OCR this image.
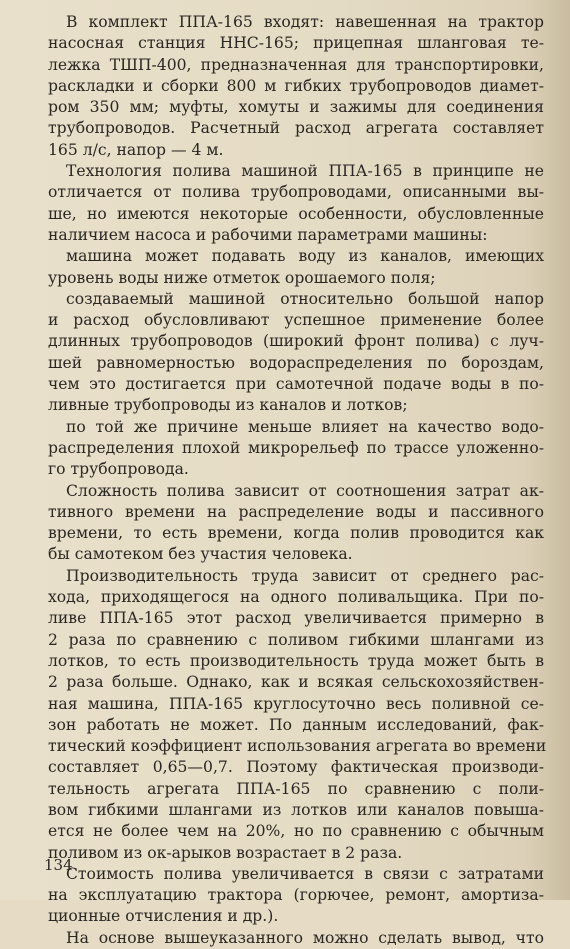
В комплект ППА-165 входят: навешенная на трактор
насосная станция ННС-165; прицепная шланговая те-
лежка ТШП-400, предназначенная для транспортировки,
раскладки и сборки 800 м гибких трубопроводов диамет-
ром 350 мм; муфты, хомуты и зажимы для соединения
трубопроводов. Расчетный расход агрегата составляет
165 л/с, напор — 4 м.
Технология полива машиной ППА-165 в принципе не
отличается от полива трубопроводами, описанными вы-
ше, но имеются некоторые особенности, обусловленные
наличием насоса и рабочими параметрами машины:
машина может подавать воду из каналов, имеющих
уровень воды ниже отметок орошаемого поля;
создаваемый машиной относительно большой напор
и расход обусловливают успешное применение более
длинных трубопроводов (широкий фронт полива) с луч-
шей равномерностью водораспределения по бороздам,
чем это достигается при самотечной подаче воды в по-
ливные трубопроводы из каналов и лотков;
по той же причине меньше влияет на качество водо-
распределения плохой микрорельеф по трассе уложенно-
го трубопровода.
Сложность полива зависит от соотношения затрат ак-
тивного времени на распределение воды и пассивного
времени, то есть времени, когда полив проводится как
бы самотеком без участия человека.
Производительность труда зависит от среднего рас-
хода, приходящегося на одного поливальщика. При по-
ливе ППА-165 этот расход увеличивается примерно в
2 раза по сравнению с поливом гибкими шлангами из
лотков, то есть производительность труда может быть в
2 раза больше. Однако, как и всякая сельскохозяйствен-
ная машина, ППА-165 круглосуточно весь поливной се-
зон работать не может. По данным исследований, фак-
тический коэффициент использования агрегата во времени
составляет 0,65—0,7. Поэтому фактическая производи-
тельность агрегата ППА-165 по сравнению с поли-
вом гибкими шлангами из лотков или каналов повыша-
ется не более чем на 20%, но по сравнению с обычным
поливом из ок-арыков возрастает в 2 раза.
Стоимость полива увеличивается в связи с затратами
на эксплуатацию трактора (горючее, ремонт, амортиза-
ционные отчисления и др.).
На основе вышеуказанного можно сделать вывод, что
134
